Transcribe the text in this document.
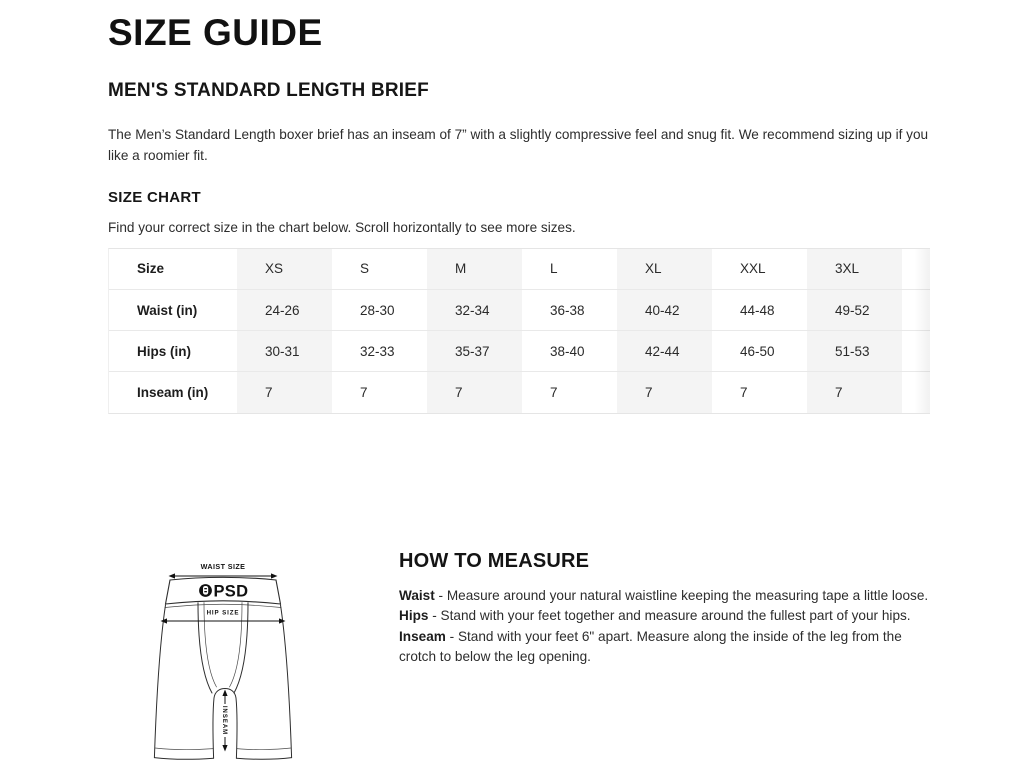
SIZE GUIDE
MEN'S STANDARD LENGTH BRIEF

The Men’s Standard Length boxer brief has an inseam of 7” with a slightly compressive feel and snug fit. We recommend sizing up if you like a roomier fit.

SIZE CHART

Find your correct size in the chart below. Scroll horizontally to see more sizes.

Size	XS	S	M	L	XL	XXL	3XL	
Waist (in)	24-26	28-30	32-34	36-38	40-42	44-48	49-52	
Hips (in)	30-31	32-33	35-37	38-40	42-44	46-50	51-53	
Inseam (in)	7	7	7	7	7	7	7	
WAIST SIZE
PSD
HIP SIZE
INSEAM
HOW TO MEASURE

Waist - Measure around your natural waistline keeping the measuring tape a little loose.

Hips - Stand with your feet together and measure around the fullest part of your hips.

Inseam - Stand with your feet 6" apart. Measure along the inside of the leg from the crotch to below the leg opening.
